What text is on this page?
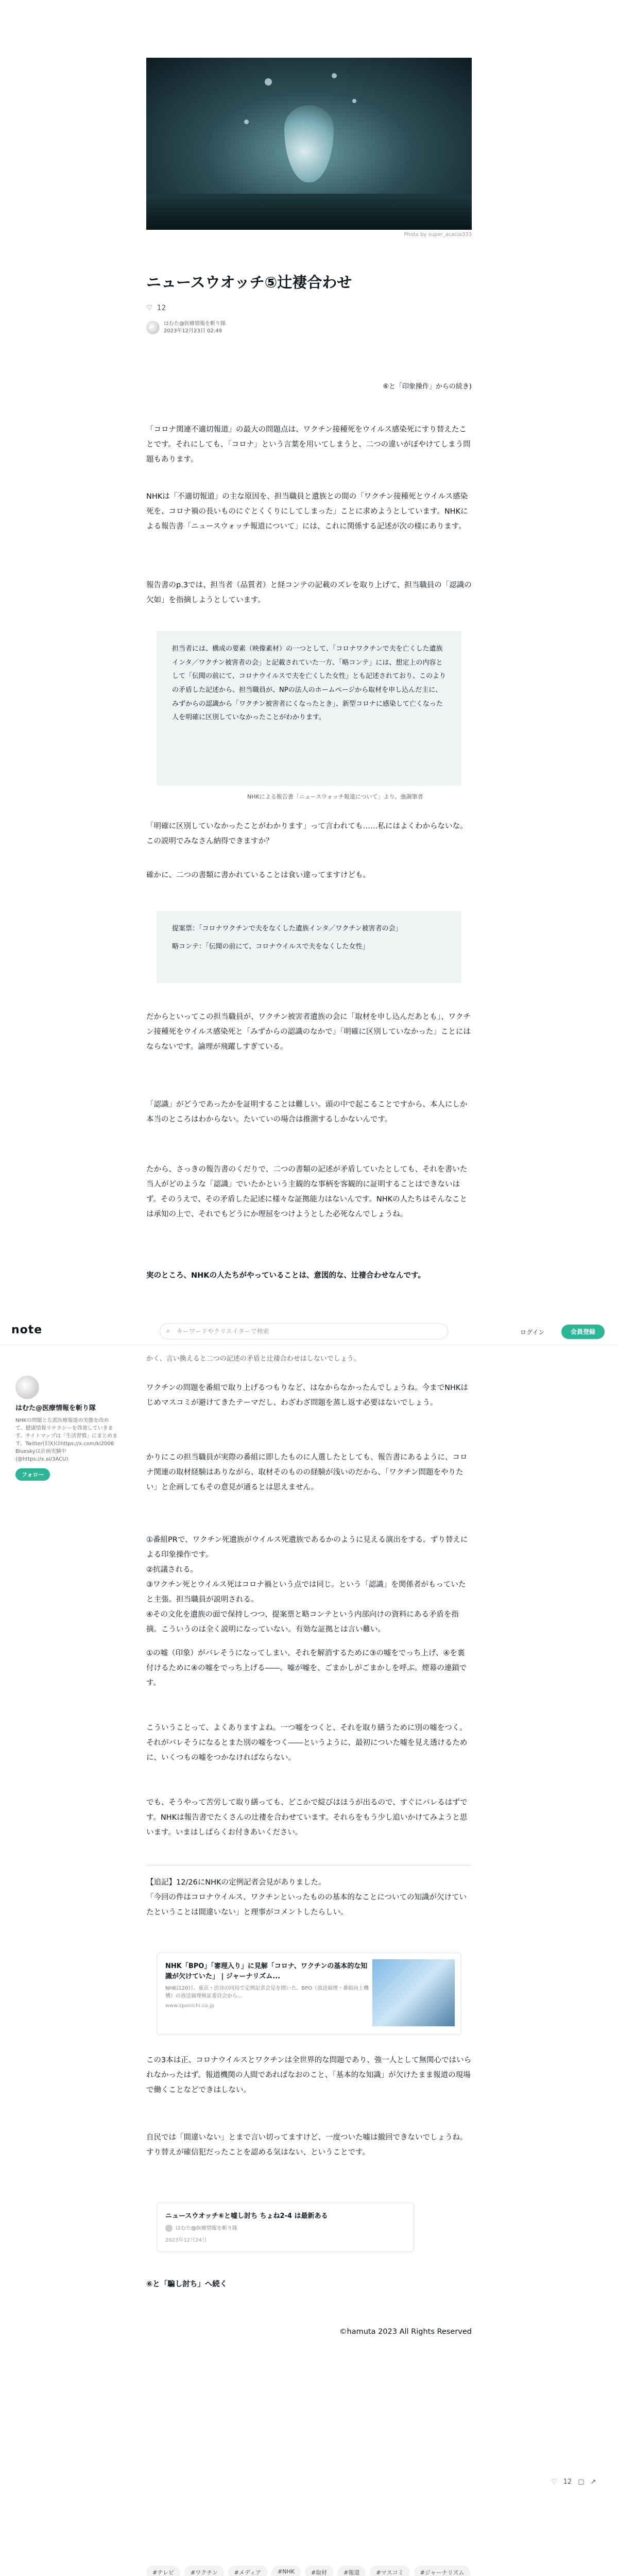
Photo by super_acacia333
ニュースウオッチ⑤辻褄合わせ
♡ 12
はむた@医療情報を斬り隊
2023年12月23日 02:49
⑥と「印象操作」からの続き)
「コロナ関連不適切報道」の最大の問題点は、ワクチン接種死をウイルス感染死にすり替えたことです。それにしても、「コロナ」という言葉を用いてしまうと、二つの違いがぼやけてしまう問題もあります。
NHKは「不適切報道」の主な原因を、担当職員と遺族との間の「ワクチン接種死とウイルス感染死を、コロナ禍の長いものにぐとくくりにしてしまった」ことに求めようとしています。NHKによる報告書「ニュースウォッチ報道について」には、これに関係する記述が次の様にあります。
報告書のp.3では、担当者（品質者）と経コンテの記載のズレを取り上げて、担当職員の「認識の欠如」を指摘しようとしています。
担当者には、構成の要素（映像素材）の一つとして、「コロナワクチンで夫を亡くした遺族インタ／ワクチン被害者の会」と記載されていた一方、「略コンテ」には、想定上の内容として「伝聞の前にて、コロナウイルスで夫を亡くした女性」とも記述されており、このよりの矛盾した記述から、担当職員が、NPの法人のホームページから取材を申し込んだ主に、みずからの認識から「ワクチン被害者にくなったとき」、新型コロナに感染して亡くなった人を明確に区別していなかったことがわかります。
NHKによる報告書「ニュースウォッチ報道について」より。強調筆者
「明確に区別していなかったことがわかります」って言われても……私にはよくわからないな。この説明でみなさん納得できますか？
確かに、二つの書類に書かれていることは食い違ってますけども。
提案票：「コロナワクチンで夫をなくした遺族インタ／ワクチン被害者の会」
略コンテ：「伝聞の前にて、コロナウイルスで夫をなくした女性」
だからといってこの担当職員が、ワクチン被害者遺族の会に「取材を申し込んだあとも」、ワクチン接種死をウイルス感染死と「みずからの認識のなかで」「明確に区別していなかった」ことにはならないです。論理が飛躍しすぎている。
「認識」がどうであったかを証明することは難しい。頭の中で起こることですから、本人にしか本当のところはわからない。たいていの場合は推測するしかないんです。
たから、さっきの報告書のくだりで、二つの書類の記述が矛盾していたとしても、それを書いた当人がどのような「認識」でいたかという主観的な事柄を客観的に証明することはできないはず。そのうえで、その矛盾した記述に様々な証拠能力はないんです。NHKの人たちはそんなことは承知の上で、それでもどうにか理屈をつけようとした必死なんでしょうね。
実のところ、NHKの人たちがやっていることは、意図的な、辻褄合わせなんです。
note	⌕ キーワードやクリエイターで検索	ログイン	会員登録
はむた@医療情報を斬り隊
NHKの問題と左派医療報道の実態を改めて、健康情報リテラシーを啓発していきます。サイトマップは「生活習慣」にまとめます。Twitter(旧X)はhttps://x.com/ki2006 Blueskyは計画実験中(@https://x.ai/3ACU)
フォロー
かく、言い換えると二つの記述の矛盾と辻褄合わせはしないでしょう。
ワクチンの問題を番組で取り上げるつもりなど、はなからなかったんでしょうね。今までNHKはじめマスコミが避けてきたテーマだし、わざわざ問題を蒸し返す必要はないでしょう。
かりにこの担当職員が実際の番組に即したものに人選したとしても、報告書にあるように、コロナ関連の取材経験はありながら、取材そのものの経験が浅いのだから、「ワクチン問題をやりたい」と企画してもその意見が通るとは思えません。
①番組PRで、ワクチン死遺族がウイルス死遺族であるかのように見える演出をする。ずり替えによる印象操作です。
②抗議される。
③ワクチン死とウイルス死はコロナ禍という点では同じ。という「認識」を関係者がもっていたと主張。担当職員が説明される。
④その文化を遺族の面で保持しつつ、提案票と略コンテという内部向けの資料にある矛盾を指摘。こういうのは全く説明になっていない。有効な証拠とは言い難い。
①の嘘（印象）がバレそうになってしまい、それを解消するために③の嘘をでっち上げ、④を裏付けるために④の嘘をでっち上げる――。嘘が嘘を、ごまかしがごまかしを呼ぶ。煙幕の連鎖です。
こういうことって、よくありますよね。一つ嘘をつくと、それを取り繕うために別の嘘をつく。それがバレそうになるとまた別の嘘をつく――というように、最初についた嘘を見え透けるために、いくつもの嘘をつかなければならない。
でも、そうやって苦労して取り繕っても、どこかで綻びはほうが出るので、すぐにバレるはずです。NHKは報告書でたくさんの辻褄を合わせています。それらをもう少し追いかけてみようと思います。いまはしばらくお付きあいください。
♡ 12 ▢ ↗
【追記】12/26にNHKの定例記者会見がありました。
「今回の件はコロナウイルス、ワクチンといったものの基本的なことについての知識が欠けていたということは間違いない」と理事がコメントしたらしい。
NHK「BPO」「審理入り」に見解「コロナ、ワクチンの基本的な知識が欠けていた」 | ジャーナリズム...
NHKは20日、東京・渋谷の同局で定例記者会見を開いた。BPO（放送倫理・番組向上機構）の放送倫理検証委員会から...
www.sponichi.co.jp
この3本は正、コロナウイルスとワクチンは全世界的な問題であり、強一人として無関心ではいられなかったはず。報道機関の人間であればなおのこと、「基本的な知識」が欠けたまま報道の現場で働くことなどできはしない。
自民では「間違いない」とまで言い切ってますけど、一度ついた嘘は撤回できないでしょうね。すり替えが確信犯だったことを認める気はない、ということです。
ニュースウオッチ⑥と嘘し討ち ちょね2-4 は最新ある
はむた@医療情報を斬り隊
2023年12月24日
⑥と「騙し討ち」へ続く
©hamuta 2023 All Rights Reserved
#テレビ	#ワクチン	#メディア	#NHK	#取材	#報道	#マスコミ	#ジャーナリズム
